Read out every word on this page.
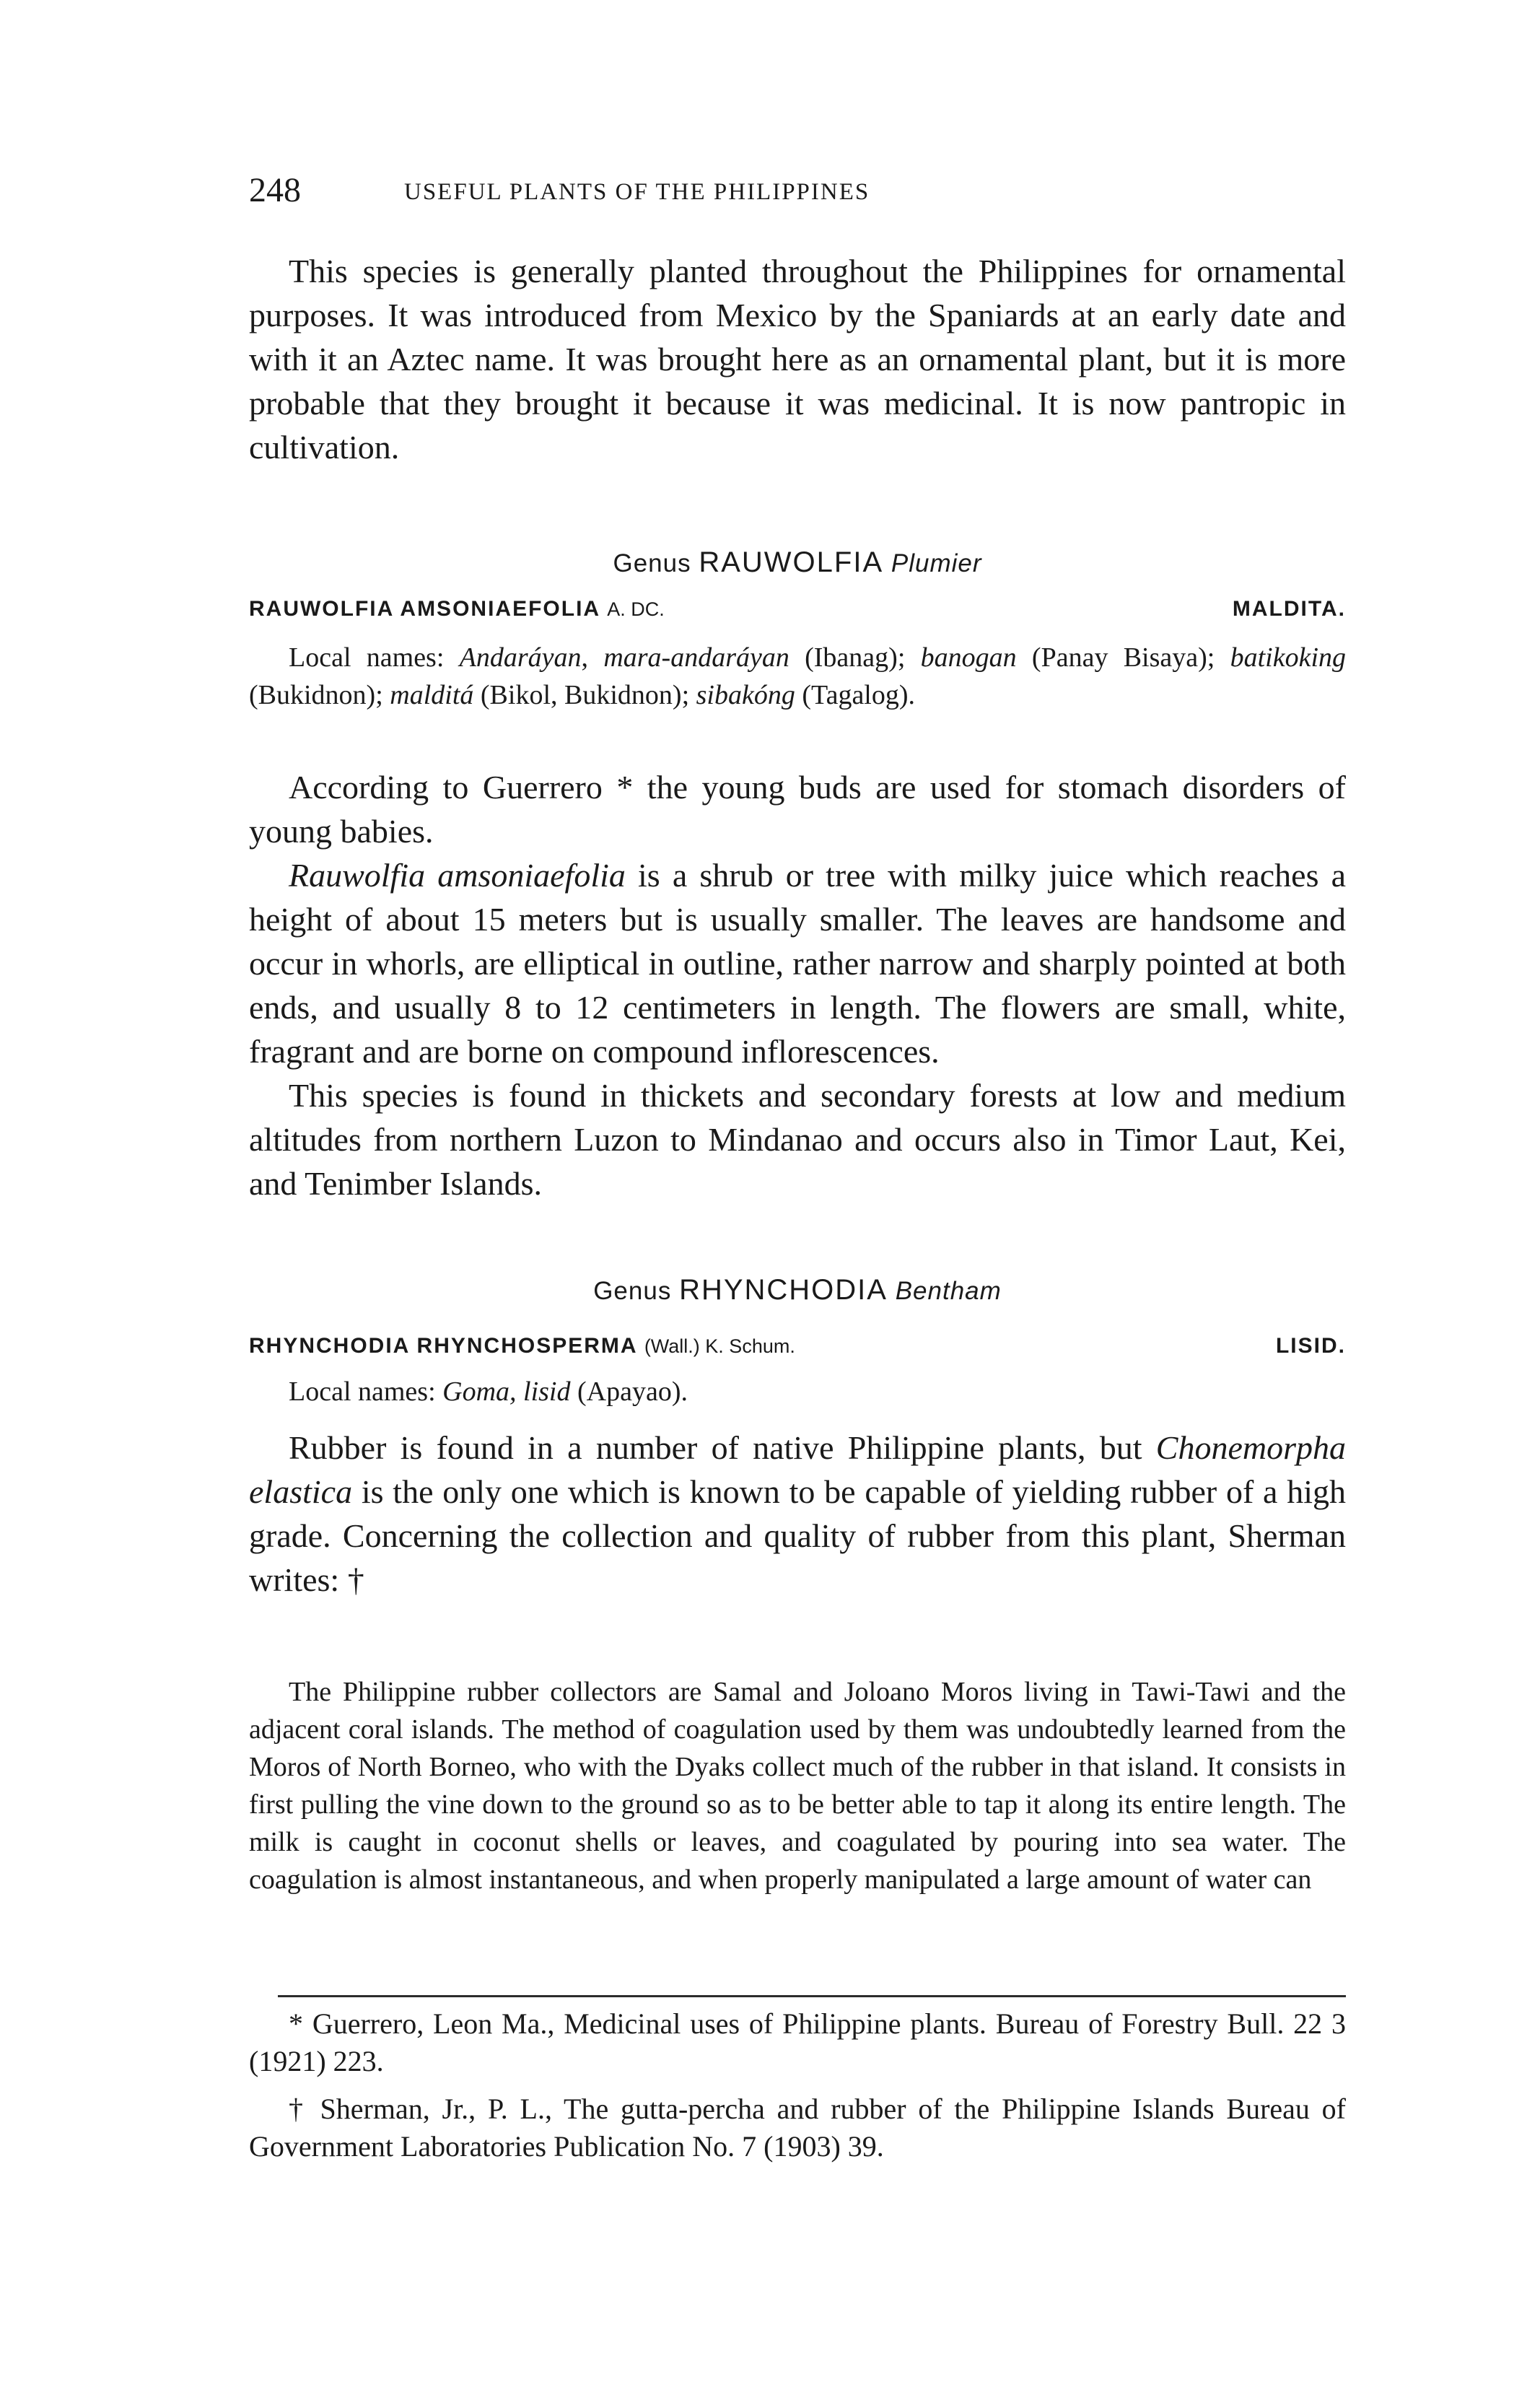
248	USEFUL PLANTS OF THE PHILIPPINES

This species is generally planted throughout the Philippines for ornamental purposes. It was introduced from Mexico by the Spaniards at an early date and with it an Aztec name. It was brought here as an ornamental plant, but it is more probable that they brought it because it was medicinal. It is now pantropic in cultivation.

Genus RAUWOLFIA Plumier

RAUWOLFIA AMSONIAEFOLIA A. DC.	MALDITA.

Local names: Andaráyan, mara-andaráyan (Ibanag); banogan (Panay Bisaya); batikoking (Bukidnon); malditá (Bikol, Bukidnon); sibakóng (Tagalog).

According to Guerrero * the young buds are used for stomach disorders of young babies.

Rauwolfia amsoniaefolia is a shrub or tree with milky juice which reaches a height of about 15 meters but is usually smaller. The leaves are handsome and occur in whorls, are elliptical in outline, rather narrow and sharply pointed at both ends, and usually 8 to 12 centimeters in length. The flowers are small, white, fragrant and are borne on compound inflorescences.

This species is found in thickets and secondary forests at low and medium altitudes from northern Luzon to Mindanao and occurs also in Timor Laut, Kei, and Tenimber Islands.

Genus RHYNCHODIA Bentham

RHYNCHODIA RHYNCHOSPERMA (Wall.) K. Schum.	LISID.

Local names: Goma, lisid (Apayao).

Rubber is found in a number of native Philippine plants, but Chonemorpha elastica is the only one which is known to be capable of yielding rubber of a high grade. Concerning the collection and quality of rubber from this plant, Sherman writes: †

The Philippine rubber collectors are Samal and Joloano Moros living in Tawi-Tawi and the adjacent coral islands. The method of coagulation used by them was undoubtedly learned from the Moros of North Borneo, who with the Dyaks collect much of the rubber in that island. It consists in first pulling the vine down to the ground so as to be better able to tap it along its entire length. The milk is caught in coconut shells or leaves, and coagulated by pouring into sea water. The coagulation is almost instantaneous, and when properly manipulated a large amount of water can

* Guerrero, Leon Ma., Medicinal uses of Philippine plants. Bureau of Forestry Bull. 22 3 (1921) 223.

† Sherman, Jr., P. L., The gutta-percha and rubber of the Philippine Islands Bureau of Government Laboratories Publication No. 7 (1903) 39.
